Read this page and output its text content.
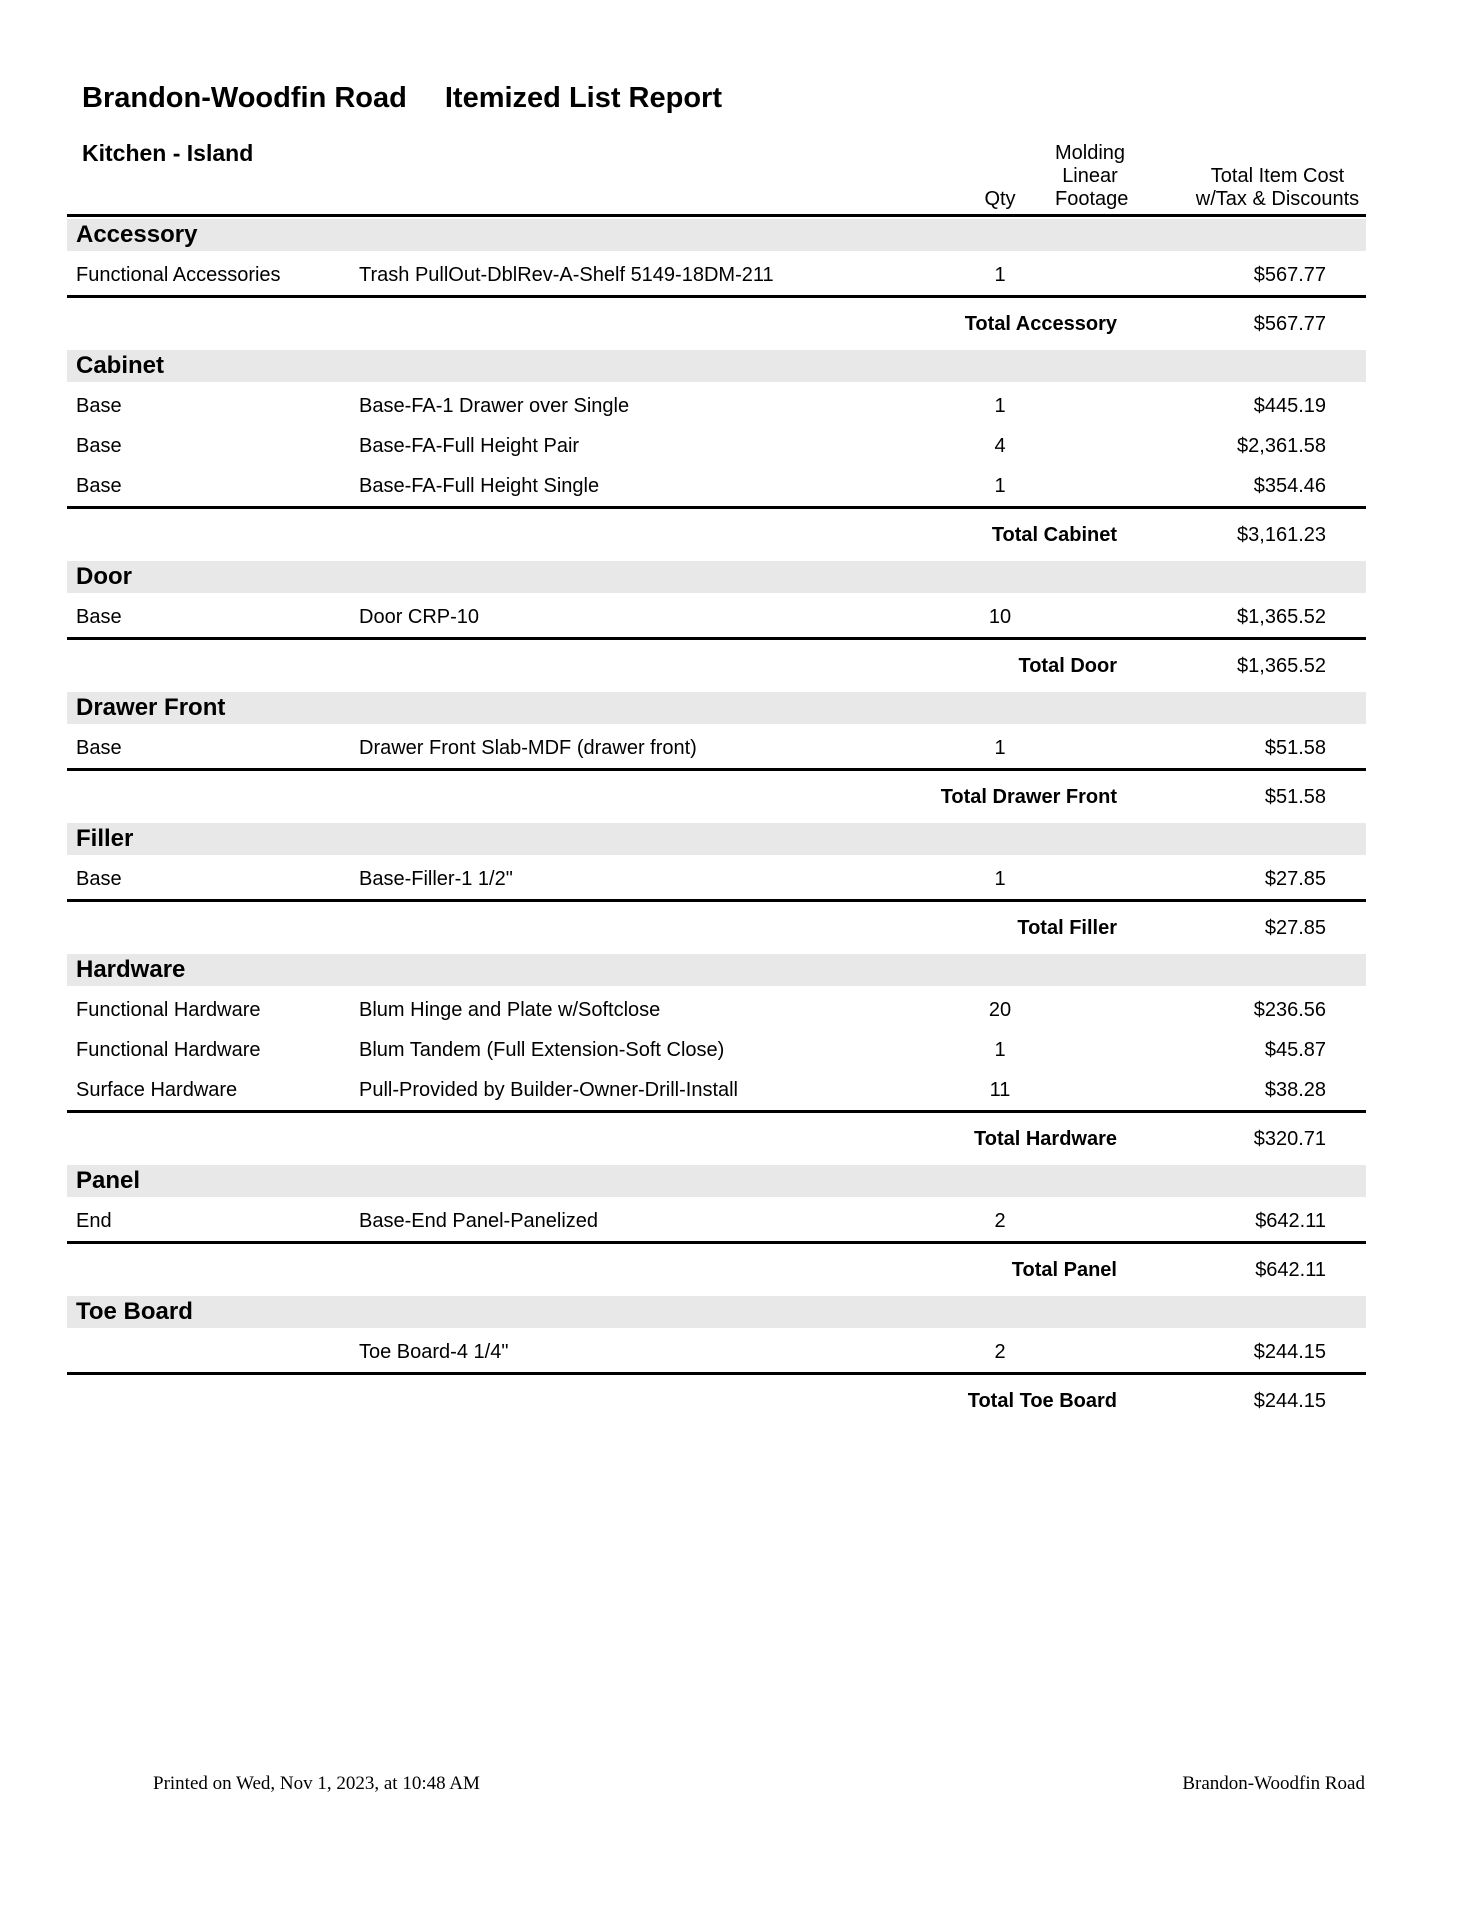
Brandon-Woodfin Road Itemized List Report
Kitchen - Island
Qty
Molding
Linear
Footage
Total Item Cost
w/Tax & Discounts
Accessory
Functional Accessories	Trash PullOut-DblRev-A-Shelf 5149-18DM-211	1	$567.77
Total Accessory	$567.77
Cabinet
Base	Base-FA-1 Drawer over Single	1	$445.19
Base	Base-FA-Full Height Pair	4	$2,361.58
Base	Base-FA-Full Height Single	1	$354.46
Total Cabinet	$3,161.23
Door
Base	Door CRP-10	10	$1,365.52
Total Door	$1,365.52
Drawer Front
Base	Drawer Front Slab-MDF (drawer front)	1	$51.58
Total Drawer Front	$51.58
Filler
Base	Base-Filler-1 1/2"	1	$27.85
Total Filler	$27.85
Hardware
Functional Hardware	Blum Hinge and Plate w/Softclose	20	$236.56
Functional Hardware	Blum Tandem (Full Extension-Soft Close)	1	$45.87
Surface Hardware	Pull-Provided by Builder-Owner-Drill-Install	11	$38.28
Total Hardware	$320.71
Panel
End	Base-End Panel-Panelized	2	$642.11
Total Panel	$642.11
Toe Board
Toe Board-4 1/4"	2	$244.15
Total Toe Board	$244.15
Printed on Wed, Nov 1, 2023, at 10:48 AM	Brandon-Woodfin Road
